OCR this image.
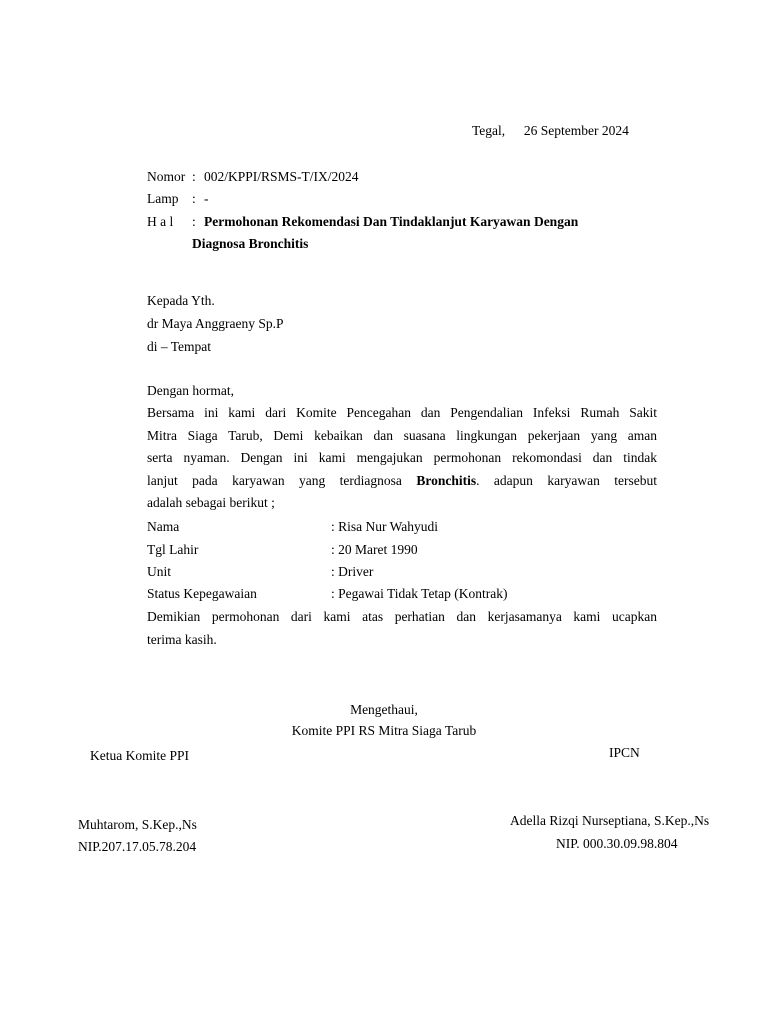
Tegal, 26 September 2024
Nomor : 002/KPPI/RSMS-T/IX/2024
Lamp : -
H a l : Permohonan Rekomendasi Dan Tindaklanjut Karyawan Dengan
Diagnosa Bronchitis
Kepada Yth.
dr Maya Anggraeny Sp.P
di – Tempat
Dengan hormat,
Bersama ini kami dari Komite Pencegahan dan Pengendalian Infeksi Rumah Sakit
Mitra Siaga Tarub, Demi kebaikan dan suasana lingkungan pekerjaan yang aman
serta nyaman. Dengan ini kami mengajukan permohonan rekomondasi dan tindak
lanjut pada karyawan yang terdiagnosa Bronchitis. adapun karyawan tersebut
adalah sebagai berikut ;
Nama	: Risa Nur Wahyudi
Tgl Lahir	: 20 Maret 1990
Unit	: Driver
Status Kepegawaian	: Pegawai Tidak Tetap (Kontrak)
Demikian permohonan dari kami atas perhatian dan kerjasamanya kami ucapkan
terima kasih.
Mengethaui,
Komite PPI RS Mitra Siaga Tarub
Ketua Komite PPI	IPCN
Muhtarom, S.Kep.,Ns
NIP.207.17.05.78.204
Adella Rizqi Nurseptiana, S.Kep.,Ns
NIP. 000.30.09.98.804
